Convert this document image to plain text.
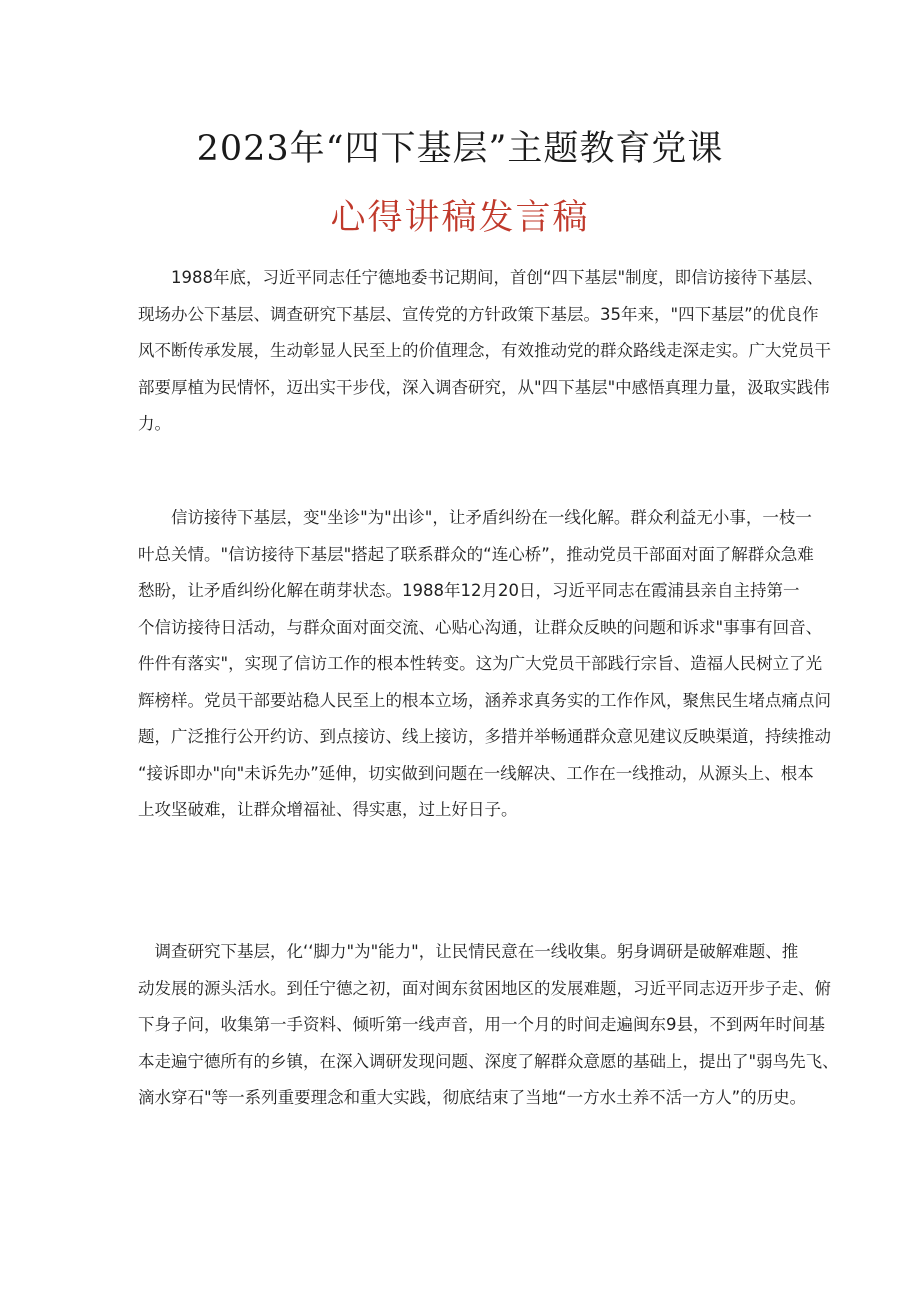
2023年“四下基层”主题教育党课
心得讲稿发言稿
　　1988年底，习近平同志任宁德地委书记期间，首创“四下基层"制度，即信访接待下基层、
现场办公下基层、调查研究下基层、宣传党的方针政策下基层。35年来，"四下基层”的优良作
风不断传承发展，生动彰显人民至上的价值理念，有效推动党的群众路线走深走实。广大党员干
部要厚植为民情怀，迈出实干步伐，深入调杳研究，从"四下基层"中感悟真理力量，汲取实践伟
力。
　　信访接待下基层，变"坐诊"为"出诊"，让矛盾纠纷在一线化解。群众利益无小事，一枝一
叶总关情。"信访接待下基层"搭起了联系群众的“连心桥”，推动党员干部面对面了解群众急难
愁盼，让矛盾纠纷化解在萌芽状态。1988年12月20日，习近平同志在霞浦县亲自主持第一
个信访接待日活动，与群众面对面交流、心贴心沟通，让群众反映的问题和诉求"事事有回音、
件件有落实"，实现了信访工作的根本性转变。这为广大党员干部践行宗旨、造福人民树立了光
辉榜样。党员干部要站稳人民至上的根本立场，涵养求真务实的工作作风，聚焦民生堵点痛点问
题，广泛推行公开约访、到点接访、线上接访，多措并举畅通群众意见建议反映渠道，持续推动
“接诉即办"向"未诉先办”延伸，切实做到问题在一线解决、工作在一线推动，从源头上、根本
上攻坚破难，让群众增福祉、得实惠，过上好日子。
　调查研究下基层，化‘‘脚力"为"能力"，让民情民意在一线收集。躬身调研是破解难题、推
动发展的源头活水。到任宁德之初，面对闽东贫困地区的发展难题，习近平同志迈开步子走、俯
下身子问，收集第一手资料、倾听第一线声音，用一个月的时间走遍闽东9县，不到两年时间基
本走遍宁德所有的乡镇，在深入调研发现问题、深度了解群众意愿的基础上，提出了"弱鸟先飞、
滴水穿石"等一系列重要理念和重大实践，彻底结束了当地“一方水土养不活一方人”的历史。
